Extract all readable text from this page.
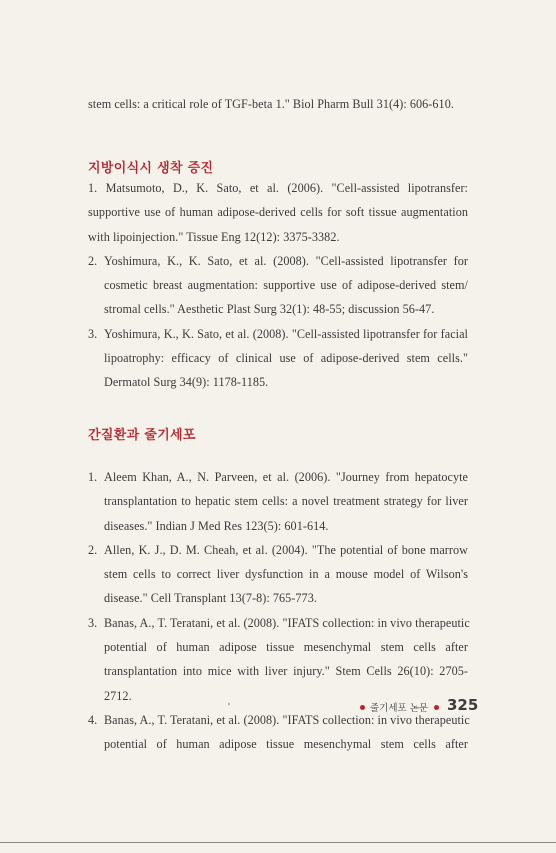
stem cells: a critical role of TGF-beta 1." Biol Pharm Bull 31(4): 606-610.
지방이식시 생착 증진
1. Matsumoto, D., K. Sato, et al. (2006). "Cell-assisted lipotransfer:
supportive use of human adipose-derived cells for soft tissue augmentation
with lipoinjection." Tissue Eng 12(12): 3375-3382.
2. Yoshimura, K., K. Sato, et al. (2008). "Cell-assisted lipotransfer for
cosmetic breast augmentation: supportive use of adipose-derived stem/
stromal cells." Aesthetic Plast Surg 32(1): 48-55; discussion 56-47.
3. Yoshimura, K., K. Sato, et al. (2008). "Cell-assisted lipotransfer for facial
lipoatrophy: efficacy of clinical use of adipose-derived stem cells."
Dermatol Surg 34(9): 1178-1185.
간질환과 줄기세포
1. Aleem Khan, A., N. Parveen, et al. (2006). "Journey from hepatocyte
transplantation to hepatic stem cells: a novel treatment strategy for liver
diseases." Indian J Med Res 123(5): 601-614.
2. Allen, K. J., D. M. Cheah, et al. (2004). "The potential of bone marrow
stem cells to correct liver dysfunction in a mouse model of Wilson's
disease." Cell Transplant 13(7-8): 765-773.
3. Banas, A., T. Teratani, et al. (2008). "IFATS collection: in vivo therapeutic
potential of human adipose tissue mesenchymal stem cells after
transplantation into mice with liver injury." Stem Cells 26(10): 2705-
2712.
4. Banas, A., T. Teratani, et al. (2008). "IFATS collection: in vivo therapeutic
potential of human adipose tissue mesenchymal stem cells after
줄기세포 논문 325
